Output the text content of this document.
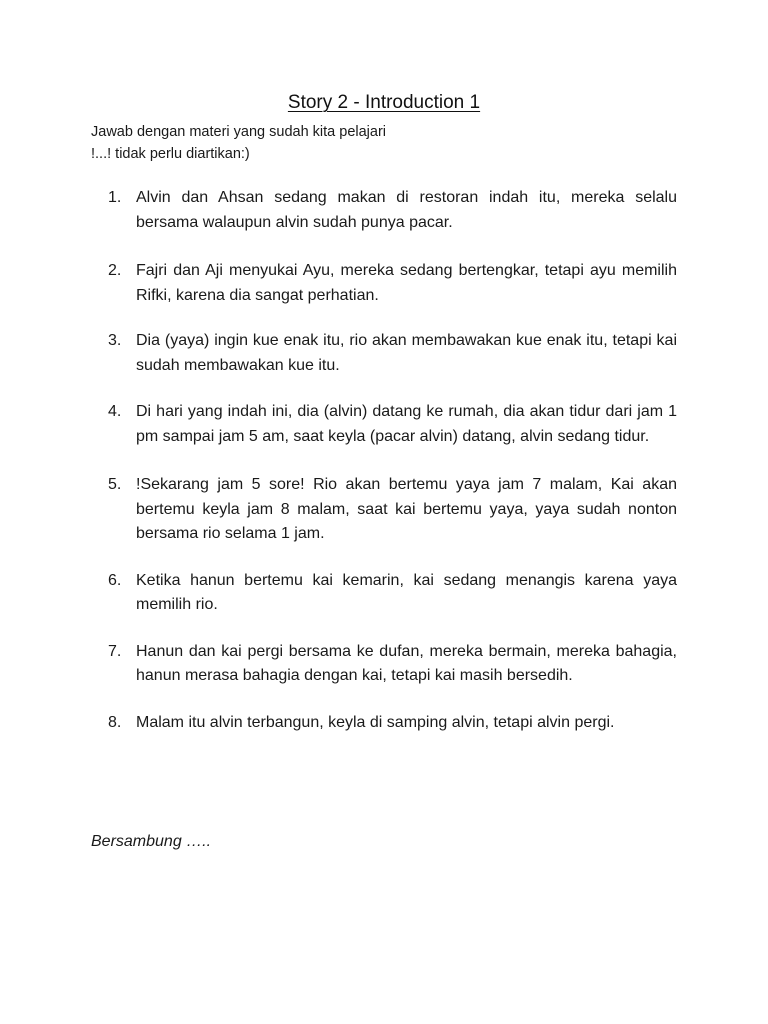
Story 2 - Introduction 1
Jawab dengan materi yang sudah kita pelajari
!...! tidak perlu diartikan:)
1. Alvin dan Ahsan sedang makan di restoran indah itu, mereka selalu bersama walaupun alvin sudah punya pacar.
2. Fajri dan Aji menyukai Ayu, mereka sedang bertengkar, tetapi ayu memilih Rifki, karena dia sangat perhatian.
3. Dia (yaya) ingin kue enak itu, rio akan membawakan kue enak itu, tetapi kai sudah membawakan kue itu.
4. Di hari yang indah ini, dia (alvin) datang ke rumah, dia akan tidur dari jam 1 pm sampai jam 5 am, saat keyla (pacar alvin) datang, alvin sedang tidur.
5. !Sekarang jam 5 sore! Rio akan bertemu yaya jam 7 malam, Kai akan bertemu keyla jam 8 malam, saat kai bertemu yaya, yaya sudah nonton bersama rio selama 1 jam.
6. Ketika hanun bertemu kai kemarin, kai sedang menangis karena yaya memilih rio.
7. Hanun dan kai pergi bersama ke dufan, mereka bermain, mereka bahagia, hanun merasa bahagia dengan kai, tetapi kai masih bersedih.
8. Malam itu alvin terbangun, keyla di samping alvin, tetapi alvin pergi.
Bersambung …..
